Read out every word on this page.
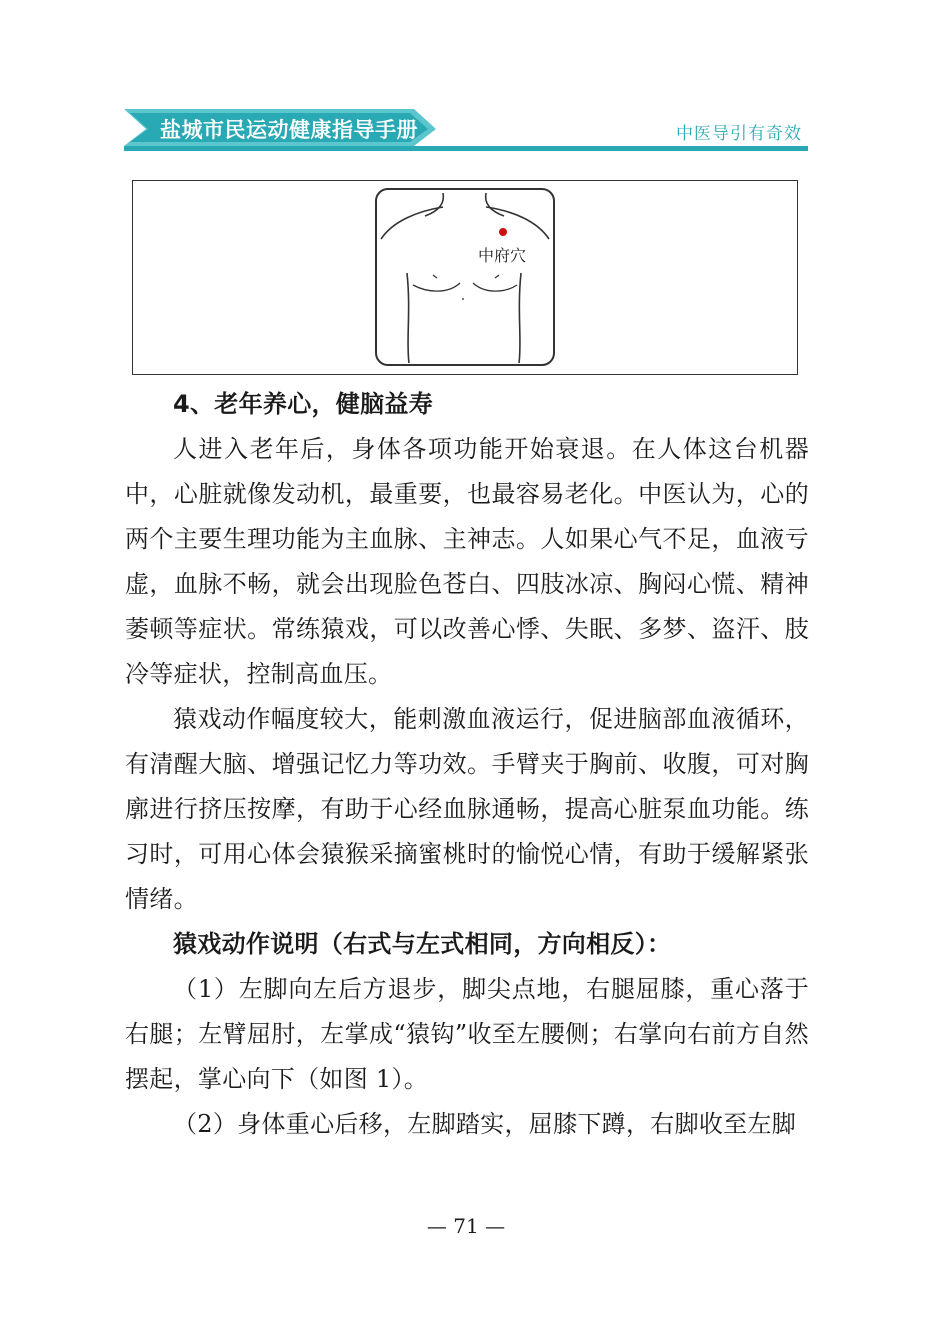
盐城市民运动健康指导手册	中医导引有奇效
中府穴

4、老年养心，健脑益寿

人进入老年后，身体各项功能开始衰退。在人体这台机器中，心脏就像发动机，最重要，也最容易老化。中医认为，心的两个主要生理功能为主血脉、主神志。人如果心气不足，血液亏虚，血脉不畅，就会出现脸色苍白、四肢冰凉、胸闷心慌、精神萎顿等症状。常练猿戏，可以改善心悸、失眠、多梦、盗汗、肢冷等症状，控制高血压。

猿戏动作幅度较大，能刺激血液运行，促进脑部血液循环，有清醒大脑、增强记忆力等功效。手臂夹于胸前、收腹，可对胸廓进行挤压按摩，有助于心经血脉通畅，提高心脏泵血功能。练习时，可用心体会猿猴采摘蜜桃时的愉悦心情，有助于缓解紧张情绪。

猿戏动作说明（右式与左式相同，方向相反）：

（1）左脚向左后方退步，脚尖点地，右腿屈膝，重心落于右腿；左臂屈肘，左掌成“猿钩”收至左腰侧；右掌向右前方自然摆起，掌心向下（如图 1）。

（2）身体重心后移，左脚踏实，屈膝下蹲，右脚收至左脚

— 71 —
